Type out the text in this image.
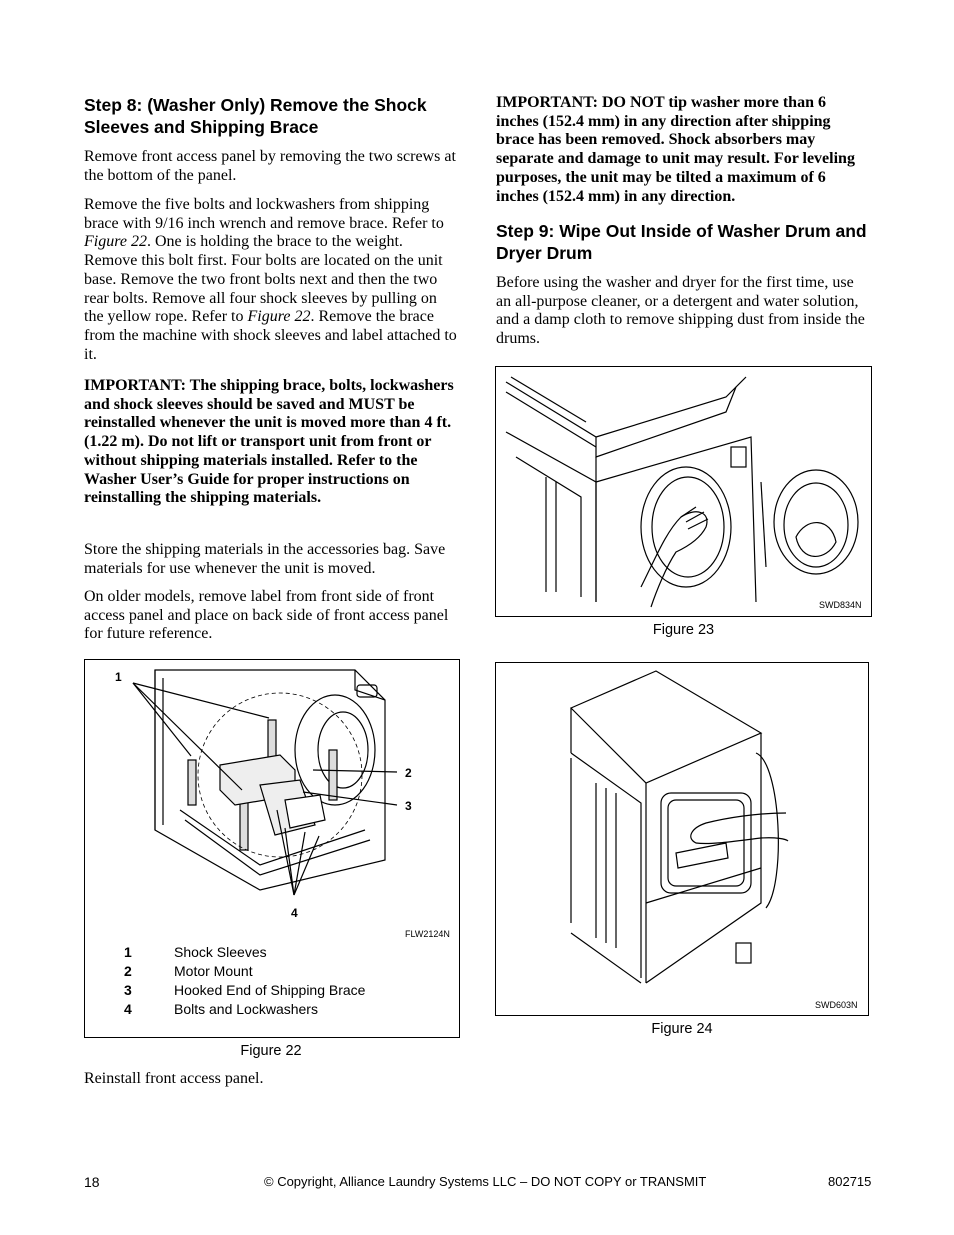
Step 8: (Washer Only) Remove the Shock Sleeves and Shipping Brace

Remove front access panel by removing the two screws at the bottom of the panel.

Remove the five bolts and lockwashers from shipping brace with 9/16 inch wrench and remove brace. Refer to Figure 22. One is holding the brace to the weight. Remove this bolt first. Four bolts are located on the unit base. Remove the two front bolts next and then the two rear bolts. Remove all four shock sleeves by pulling on the yellow rope. Refer to Figure 22. Remove the brace from the machine with shock sleeves and label attached to it.

IMPORTANT: The shipping brace, bolts, lockwashers and shock sleeves should be saved and MUST be reinstalled whenever the unit is moved more than 4 ft. (1.22 m). Do not lift or transport unit from front or without shipping materials installed. Refer to the Washer User’s Guide for proper instructions on reinstalling the shipping materials.

Store the shipping materials in the accessories bag. Save materials for use whenever the unit is moved.

On older models, remove label from front side of front access panel and place on back side of front access panel for future reference.

1
2
3
4
FLW2124N
1	Shock Sleeves
2	Motor Mount
3	Hooked End of Shipping Brace
4	Bolts and Lockwashers
Figure 22

Reinstall front access panel.

IMPORTANT: DO NOT tip washer more than 6 inches (152.4 mm) in any direction after shipping brace has been removed. Shock absorbers may separate and damage to unit may result. For leveling purposes, the unit may be tilted a maximum of 6 inches (152.4 mm) in any direction.

Step 9: Wipe Out Inside of Washer Drum and Dryer Drum

Before using the washer and dryer for the first time, use an all-purpose cleaner, or a detergent and water solution, and a damp cloth to remove shipping dust from inside the drums.

SWD834N
Figure 23
SWD603N
Figure 24
18	© Copyright, Alliance Laundry Systems LLC – DO NOT COPY or TRANSMIT	802715
